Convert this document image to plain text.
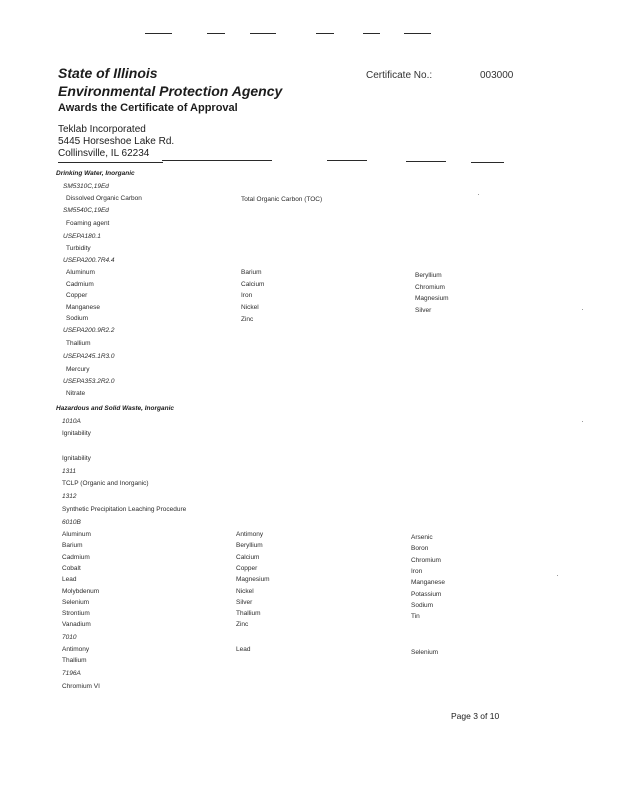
State of Illinois
Environmental Protection Agency
Awards the Certificate of Approval
Certificate No.:	003000
Teklab Incorporated
5445 Horseshoe Lake Rd.
Collinsville, IL 62234
Drinking Water, Inorganic
SM5310C,19Ed
Dissolved Organic Carbon	Total Organic Carbon (TOC)
SM5540C,19Ed
Foaming agent
USEPA180.1
Turbidity
USEPA200.7R4.4
Aluminum	Barium	Beryllium
Cadmium	Calcium	Chromium
Copper	Iron	Magnesium
Manganese	Nickel	Silver
Sodium	Zinc
USEPA200.9R2.2
Thallium
USEPA245.1R3.0
Mercury
USEPA353.2R2.0
Nitrate
Hazardous and Solid Waste, Inorganic
1010A
Ignitability
Ignitability
1311
TCLP (Organic and Inorganic)
1312
Synthetic Precipitation Leaching Procedure
6010B
Aluminum	Antimony	Arsenic
Barium	Beryllium	Boron
Cadmium	Calcium	Chromium
Cobalt	Copper	Iron
Lead	Magnesium	Manganese
Molybdenum	Nickel	Potassium
Selenium	Silver	Sodium
Strontium	Thallium	Tin
Vanadium	Zinc
7010
Antimony	Lead	Selenium
Thallium
7196A
Chromium VI
Page 3 of 10
